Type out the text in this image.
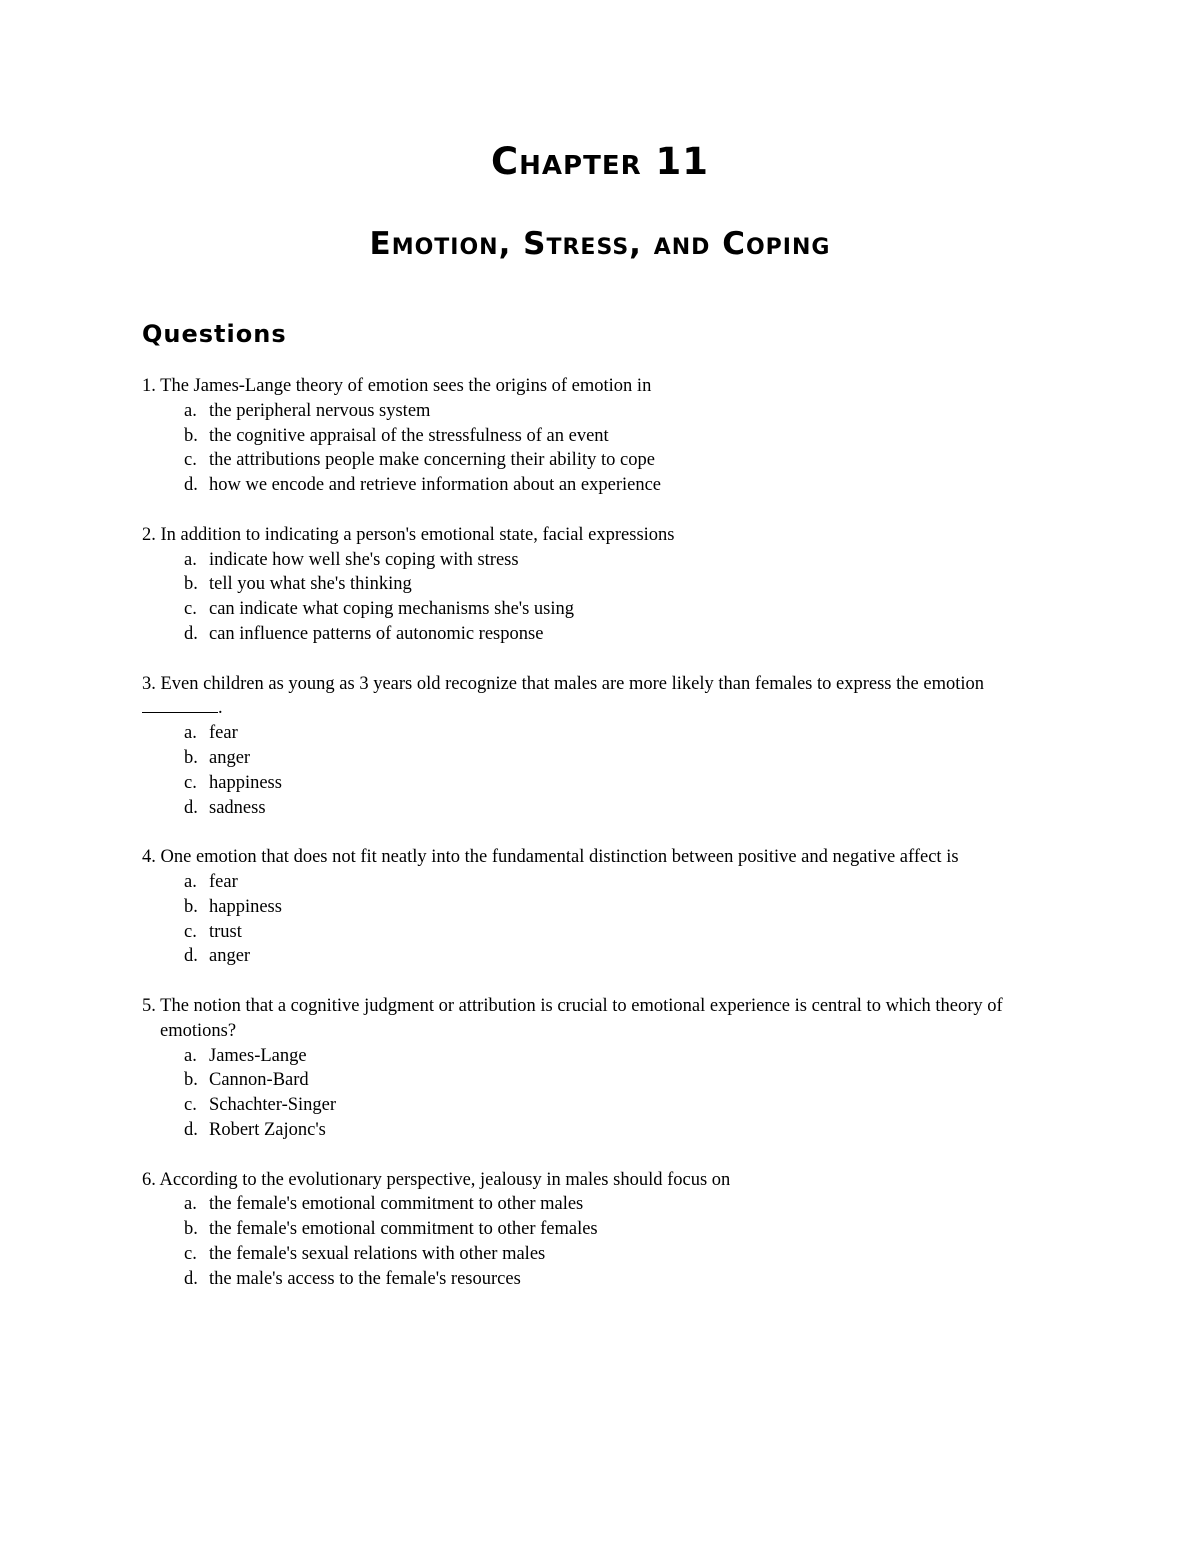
Chapter 11
Emotion, Stress, and Coping
Questions

1. The James-Lange theory of emotion sees the origins of emotion in

a. the peripheral nervous system
b. the cognitive appraisal of the stressfulness of an event
c. the attributions people make concerning their ability to cope
d. how we encode and retrieve information about an experience

2. In addition to indicating a person's emotional state, facial expressions

a. indicate how well she's coping with stress
b. tell you what she's thinking
c. can indicate what coping mechanisms she's using
d. can influence patterns of autonomic response

3. Even children as young as 3 years old recognize that males are more likely than females to express the emotion .

a. fear
b. anger
c. happiness
d. sadness

4. One emotion that does not fit neatly into the fundamental distinction between positive and negative affect is

a. fear
b. happiness
c. trust
d. anger

5. The notion that a cognitive judgment or attribution is crucial to emotional experience is central to which theory of emotions?

a. James-Lange
b. Cannon-Bard
c. Schachter-Singer
d. Robert Zajonc's

6. According to the evolutionary perspective, jealousy in males should focus on

a. the female's emotional commitment to other males
b. the female's emotional commitment to other females
c. the female's sexual relations with other males
d. the male's access to the female's resources
